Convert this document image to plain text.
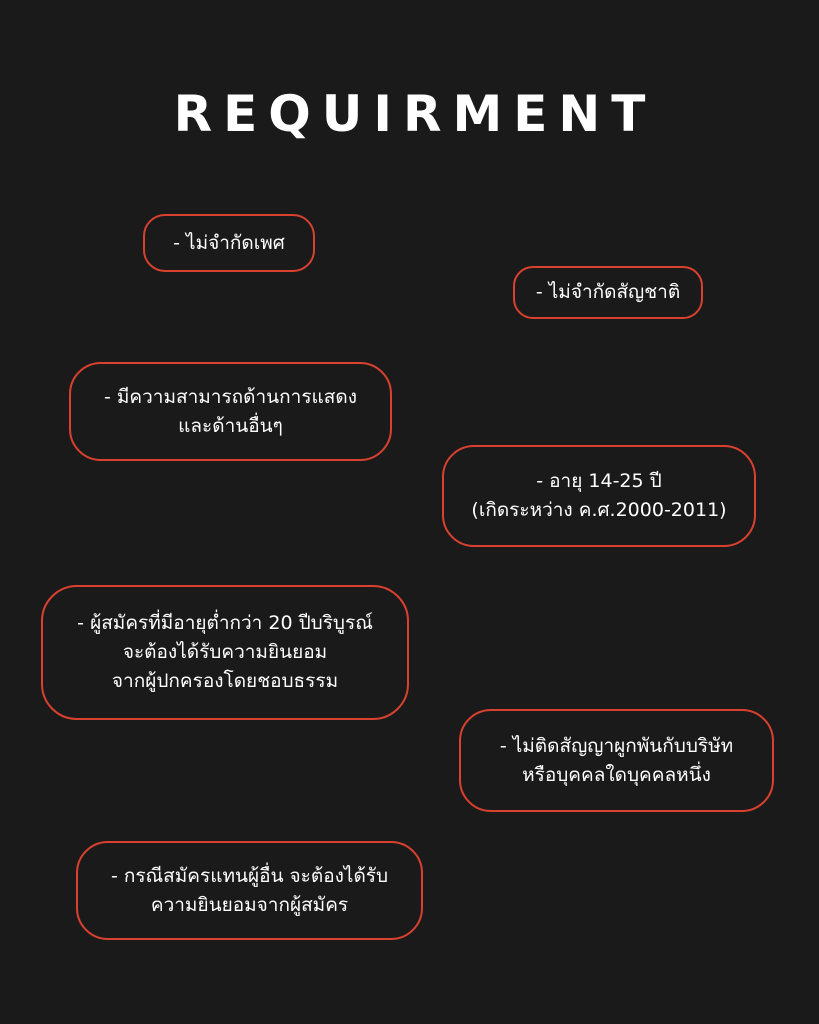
REQUIRMENT
- ไม่จำกัดเพศ
- ไม่จำกัดสัญชาติ
- มีความสามารถด้านการแสดง
และด้านอื่นๆ
- อายุ 14-25 ปี
(เกิดระหว่าง ค.ศ.2000-2011)
- ผู้สมัครที่มีอายุต่ำกว่า 20 ปีบริบูรณ์
จะต้องได้รับความยินยอม
จากผู้ปกครองโดยชอบธรรม
- ไม่ติดสัญญาผูกพันกับบริษัท
หรือบุคคลใดบุคคลหนึ่ง
- กรณีสมัครแทนผู้อื่น จะต้องได้รับ
ความยินยอมจากผู้สมัคร
